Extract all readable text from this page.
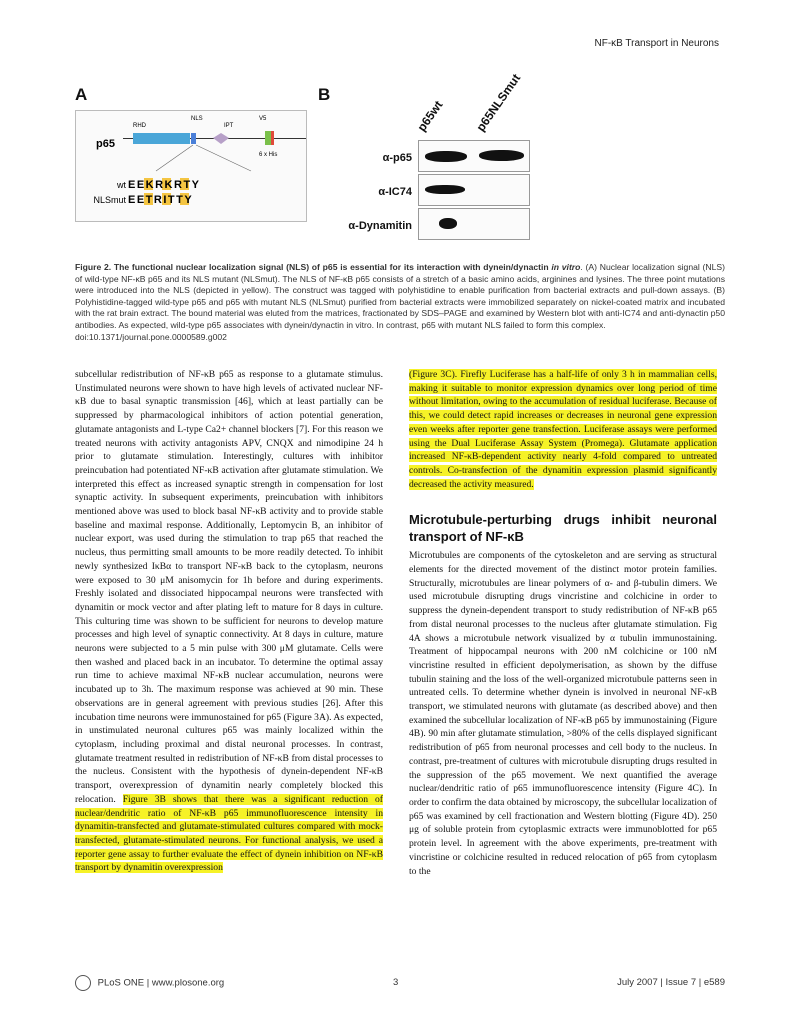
NF-κB Transport in Neurons
A	B
RHD
NLS
IPT
V5
p65
6 x His
wt
NLSmut
EEKRKRTY
EETRITTY
p65wt p65NLSmut
α-p65
α-IC74
α-Dynamitin
Figure 2. The functional nuclear localization signal (NLS) of p65 is essential for its interaction with dynein/dynactin in vitro. (A) Nuclear localization signal (NLS) of wild-type NF-κB p65 and its NLS mutant (NLSmut). The NLS of NF-κB p65 consists of a stretch of a basic amino acids, arginines and lysines. The three point mutations were introduced into the NLS (depicted in yellow). The construct was tagged with polyhistidine to enable purification from bacterial extracts and pull-down assays. (B) Polyhistidine-tagged wild-type p65 and p65 with mutant NLS (NLSmut) purified from bacterial extracts were immobilized separately on nickel-coated matrix and incubated with the rat brain extract. The bound material was eluted from the matrices, fractionated by SDS–PAGE and examined by Western blot with anti-IC74 and anti-dynactin p50 antibodies. As expected, wild-type p65 associates with dynein/dynactin in vitro. In contrast, p65 with mutant NLS failed to form this complex.
doi:10.1371/journal.pone.0000589.g002

subcellular redistribution of NF-κB p65 as response to a glutamate stimulus. Unstimulated neurons were shown to have high levels of activated nuclear NF-κB due to basal synaptic transmission [46], which at least partially can be suppressed by pharmacological inhibitors of action potential generation, glutamate antagonists and L-type Ca2+ channel blockers [7]. For this reason we treated neurons with activity antagonists APV, CNQX and nimodipine 24 h prior to glutamate stimulation. Interestingly, cultures with inhibitor preincubation had potentiated NF-κB activation after glutamate stimulation. We interpreted this effect as increased synaptic strength in compensation for lost synaptic activity. In subsequent experiments, preincubation with inhibitors mentioned above was used to block basal NF-κB activity and to provide stable baseline and maximal response. Additionally, Leptomycin B, an inhibitor of nuclear export, was used during the stimulation to trap p65 that reached the nucleus, thus permitting small amounts to be more readily detected. To inhibit newly synthesized IκBα to transport NF-κB back to the cytoplasm, neurons were exposed to 30 μM anisomycin for 1h before and during experiments. Freshly isolated and dissociated hippocampal neurons were transfected with dynamitin or mock vector and after plating left to mature for 8 days in culture. This culturing time was shown to be sufficient for neurons to develop mature processes and high level of synaptic connectivity. At 8 days in culture, mature neurons were subjected to a 5 min pulse with 300 μM glutamate. Cells were then washed and placed back in an incubator. To determine the optimal assay run time to achieve maximal NF-κB nuclear accumulation, neurons were incubated up to 3h. The maximum response was achieved at 90 min. These observations are in general agreement with previous studies [26]. After this incubation time neurons were immunostained for p65 (Figure 3A). As expected, in unstimulated neuronal cultures p65 was mainly localized within the cytoplasm, including proximal and distal neuronal processes. In contrast, glutamate treatment resulted in redistribution of NF-κB from distal processes to the nucleus. Consistent with the hypothesis of dynein-dependent NF-κB transport, overexpression of dynamitin nearly completely blocked this relocation. Figure 3B shows that there was a significant reduction of nuclear/dendritic ratio of NF-κB p65 immunofluorescence intensity in dynamitin-transfected and glutamate-stimulated cultures compared with mock-transfected, glutamate-stimulated neurons. For functional analysis, we used a reporter gene assay to further evaluate the effect of dynein inhibition on NF-κB transport by dynamitin overexpression

(Figure 3C). Firefly Luciferase has a half-life of only 3 h in mammalian cells, making it suitable to monitor expression dynamics over long period of time without limitation, owing to the accumulation of residual luciferase. Because of this, we could detect rapid increases or decreases in neuronal gene expression even weeks after reporter gene transfection. Luciferase assays were performed using the Dual Luciferase Assay System (Promega). Glutamate application increased NF-κB-dependent activity nearly 4-fold compared to untreated controls. Co-transfection of the dynamitin expression plasmid significantly decreased the activity measured.

Microtubule-perturbing drugs inhibit neuronal transport of NF-κB

Microtubules are components of the cytoskeleton and are serving as structural elements for the directed movement of the distinct motor protein families. Structurally, microtubules are linear polymers of α- and β-tubulin dimers. We used microtubule disrupting drugs vincristine and colchicine in order to suppress the dynein-dependent transport to study redistribution of NF-κB p65 from distal neuronal processes to the nucleus after glutamate stimulation. Fig 4A shows a microtubule network visualized by α tubulin immunostaining. Treatment of hippocampal neurons with 200 nM colchicine or 100 nM vincristine resulted in efficient depolymerisation, as shown by the diffuse tubulin staining and the loss of the well-organized microtubule patterns seen in untreated cells. To determine whether dynein is involved in neuronal NF-κB transport, we stimulated neurons with glutamate (as described above) and then examined the subcellular localization of NF-κB p65 by immunostaining (Figure 4B). 90 min after glutamate stimulation, >80% of the cells displayed significant redistribution of p65 from neuronal processes and cell body to the nucleus. In contrast, pre-treatment of cultures with microtubule disrupting drugs resulted in the suppression of the p65 movement. We next quantified the average nuclear/dendritic ratio of p65 immunofluorescence intensity (Figure 4C). In order to confirm the data obtained by microscopy, the subcellular localization of p65 was examined by cell fractionation and Western blotting (Figure 4D). 250 μg of soluble protein from cytoplasmic extracts were immunoblotted for p65 protein level. In agreement with the above experiments, pre-treatment with vincristine or colchicine resulted in reduced relocation of p65 from cytoplasm to the

PLoS ONE | www.plosone.org	3	July 2007 | Issue 7 | e589
